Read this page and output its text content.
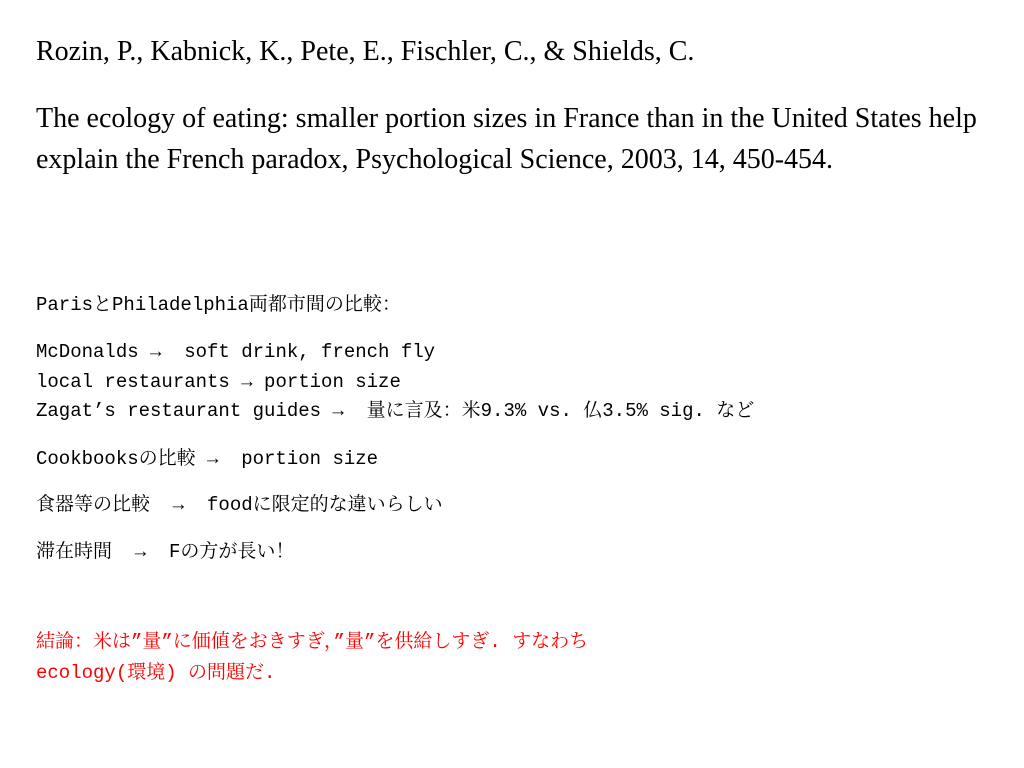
Rozin, P., Kabnick, K., Pete, E., Fischler, C., & Shields, C.
The ecology of eating: smaller portion sizes in France than in the United States help explain the French paradox, Psychological Science, 2003, 14, 450-454.
ParisとPhiladelphia両都市間の比較：
McDonalds →  soft drink, french fly
local restaurants → portion size
Zagat’s restaurant guides →  量に言及：米9.3% vs. 仏3.5% sig. など
Cookbooksの比較 →  portion size
食器等の比較  →  foodに限定的な違いらしい
滞在時間  →  Fの方が長い！
結論：米は”量”に価値をおきすぎ，”量”を供給しすぎ. すなわち
ecology(環境) の問題だ.
